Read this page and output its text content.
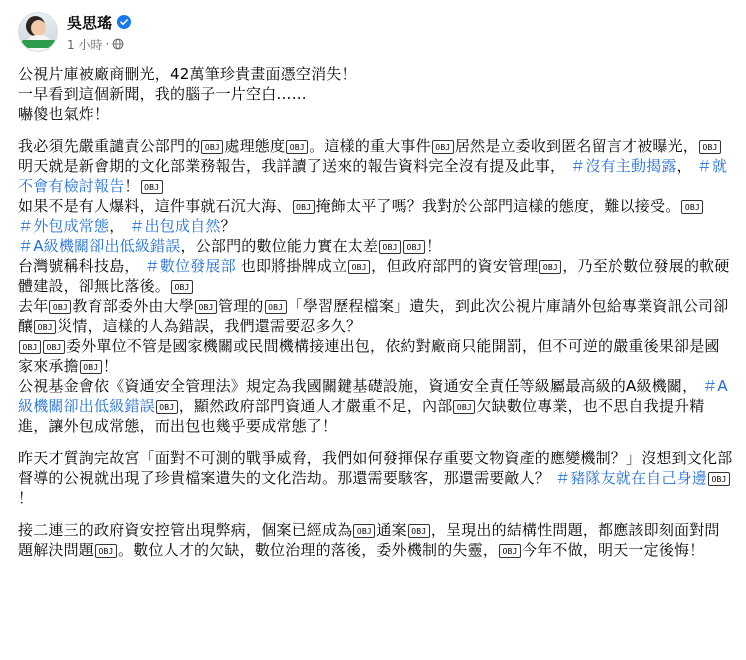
吳思瑤
1 小時 ·

公視片庫被廠商刪光，42萬筆珍貴畫面憑空消失！

一早看到這個新聞，我的腦子一片空白……

嚇傻也氣炸！

我必須先嚴重譴責公部門的 OBJ 處理態度 OBJ 。這樣的重大事件 OBJ 居然是立委收到匿名留言才被曝光， OBJ明天就是新會期的文化部業務報告，我詳讀了送來的報告資料完全沒有提及此事， ＃沒有主動揭露， ＃就不會有檢討報告！ OBJ

如果不是有人爆料，這件事就石沉大海、 OBJ 掩飾太平了嗎？我對於公部門這樣的態度，難以接受。 OBJ

＃外包成常態， ＃出包成自然？

＃A級機關卻出低級錯誤，公部門的數位能力實在太差 OBJ OBJ ！

台灣號稱科技島， ＃數位發展部 也即將掛牌成立 OBJ ，但政府部門的資安管理 OBJ ，乃至於數位發展的軟硬體建設，卻無比落後。 OBJ

去年 OBJ 教育部委外由大學 OBJ 管理的 OBJ 「學習歷程檔案」遺失，到此次公視片庫請外包給專業資訊公司卻釀 OBJ 災情，這樣的人為錯誤，我們還需要忍多久？

OBJ OBJ 委外單位不管是國家機關或民間機構接連出包，依約對廠商只能開罰，但不可逆的嚴重後果卻是國家來承擔 OBJ ！

公視基金會依《資通安全管理法》規定為我國關鍵基礎設施，資通安全責任等級屬最高級的A級機關， ＃A級機關卻出低級錯誤 OBJ ，顯然政府部門資通人才嚴重不足，內部 OBJ 欠缺數位專業，也不思自我提升精進，讓外包成常態，而出包也幾乎要成常態了！

昨天才質詢完故宮「面對不可測的戰爭威脅，我們如何發揮保存重要文物資產的應變機制？」沒想到文化部督導的公視就出現了珍貴檔案遺失的文化浩劫。那還需要駭客，那還需要敵人？ ＃豬隊友就在自己身邊 OBJ！

接二連三的政府資安控管出現弊病，個案已經成為 OBJ 通案 OBJ ，呈現出的結構性問題，都應該即刻面對問題解決問題 OBJ 。數位人才的欠缺，數位治理的落後，委外機制的失靈， OBJ 今年不做，明天一定後悔！
